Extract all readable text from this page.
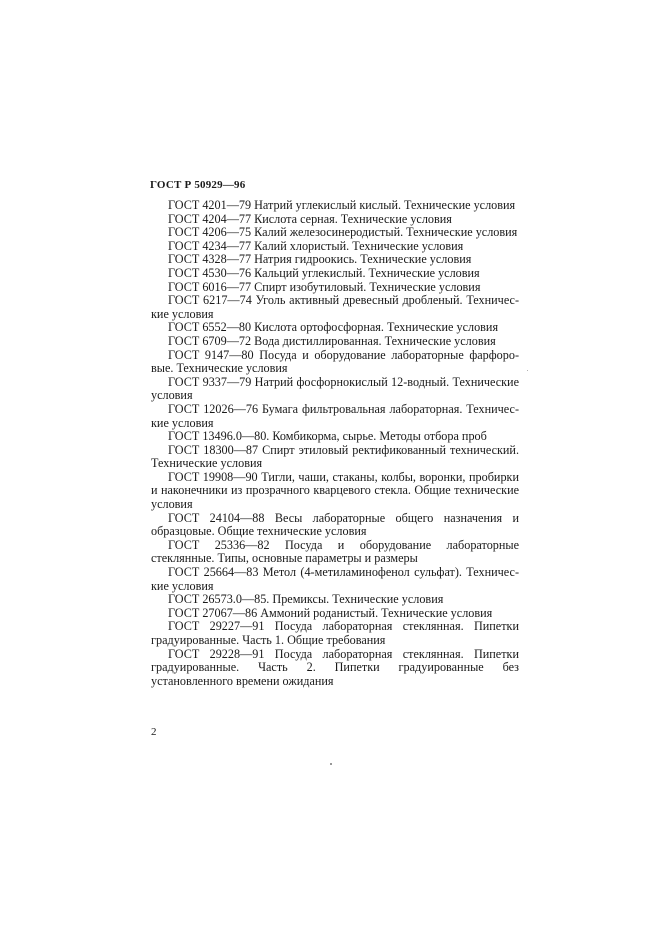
ГОСТ Р 50929—96

ГОСТ 4201—79 Натрий углекислый кислый. Технические условия

ГОСТ 4204—77 Кислота серная. Технические условия

ГОСТ 4206—75 Калий железосинеродистый. Технические условия

ГОСТ 4234—77 Калий хлористый. Технические условия

ГОСТ 4328—77 Натрия гидроокись. Технические условия

ГОСТ 4530—76 Кальций углекислый. Технические условия

ГОСТ 6016—77 Спирт изобутиловый. Технические условия

ГОСТ 6217—74 Уголь активный древесный дробленый. Технические условия

ГОСТ 6552—80 Кислота ортофосфорная. Технические условия

ГОСТ 6709—72 Вода дистиллированная. Технические условия

ГОСТ 9147—80 Посуда и оборудование лабораторные фарфоровые. Технические условия

ГОСТ 9337—79 Натрий фосфорнокислый 12-водный. Технические условия

ГОСТ 12026—76 Бумага фильтровальная лабораторная. Технические условия

ГОСТ 13496.0—80. Комбикорма, сырье. Методы отбора проб

ГОСТ 18300—87 Спирт этиловый ректификованный технический. Технические условия

ГОСТ 19908—90 Тигли, чаши, стаканы, колбы, воронки, пробирки и наконечники из прозрачного кварцевого стекла. Общие технические условия

ГОСТ 24104—88 Весы лабораторные общего назначения и образцовые. Общие технические условия

ГОСТ 25336—82 Посуда и оборудование лабораторные стеклянные. Типы, основные параметры и размеры

ГОСТ 25664—83 Метол (4-метиламинофенол сульфат). Технические условия

ГОСТ 26573.0—85. Премиксы. Технические условия

ГОСТ 27067—86 Аммоний роданистый. Технические условия

ГОСТ 29227—91 Посуда лабораторная стеклянная. Пипетки градуированные. Часть 1. Общие требования

ГОСТ 29228—91 Посуда лабораторная стеклянная. Пипетки градуированные. Часть 2. Пипетки градуированные без установленного времени ожидания

2
